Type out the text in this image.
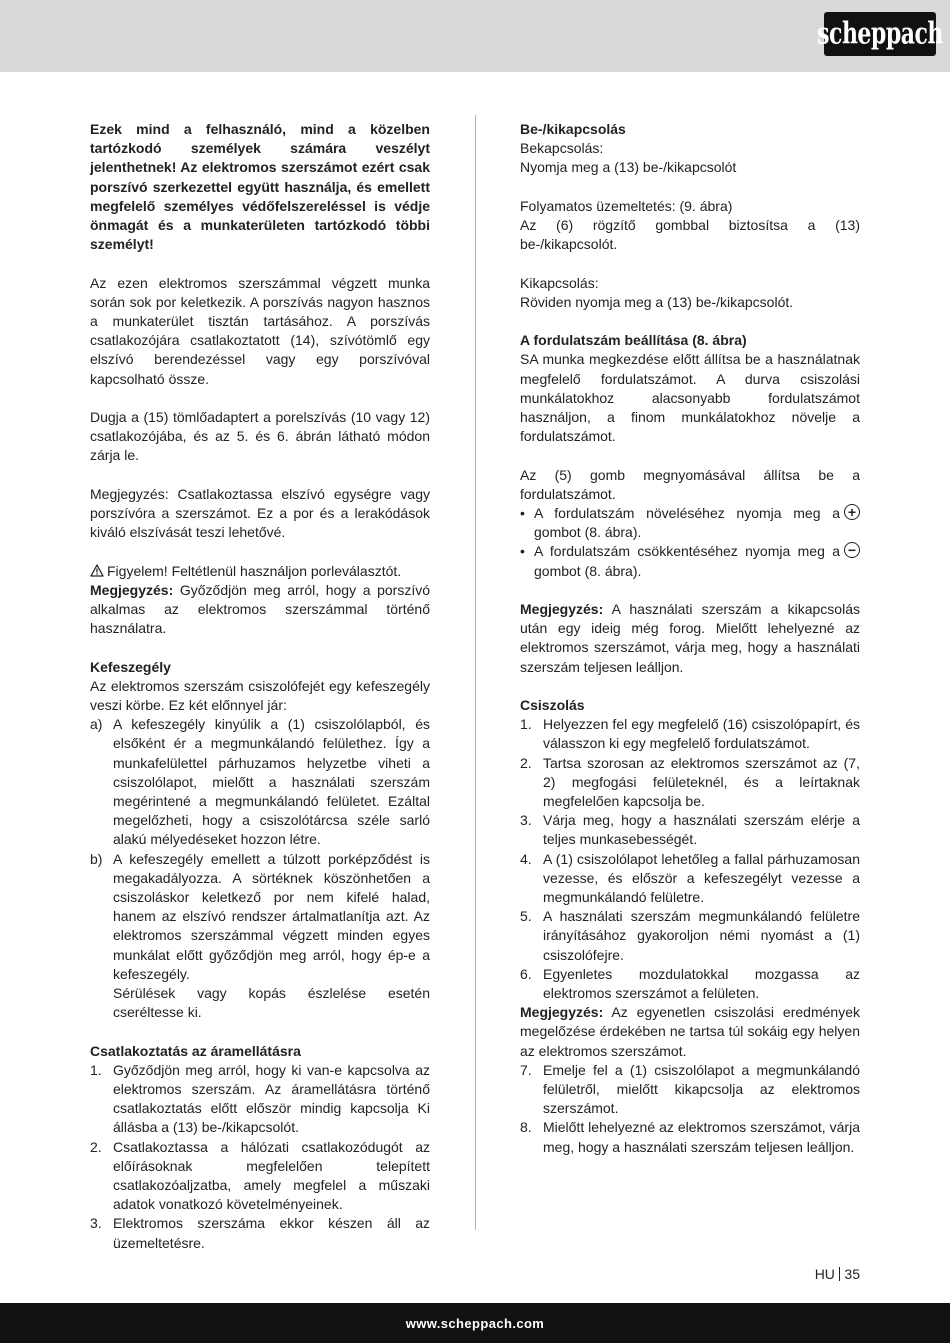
scheppach

Ezek mind a felhasználó, mind a közelben tartózkodó személyek számára veszélyt jelenthetnek! Az elektromos szerszámot ezért csak porszívó szerkezettel együtt használja, és emellett megfelelő személyes védőfelszereléssel is védje önmagát és a munkaterületen tartózkodó többi személyt!

Az ezen elektromos szerszámmal végzett munka során sok por keletkezik. A porszívás nagyon hasznos a munkaterület tisztán tartásához. A porszívás csatlakozójára csatlakoztatott (14), szívótömlő egy elszívó berendezéssel vagy egy porszívóval kapcsolható össze.

Dugja a (15) tömlőadaptert a porelszívás (10 vagy 12) csatlakozójába, és az 5. és 6. ábrán látható módon zárja le.

Megjegyzés: Csatlakoztassa elszívó egységre vagy porszívóra a szerszámot. Ez a por és a lerakódások kiváló elszívását teszi lehetővé.

Figyelem! Feltétlenül használjon porleválasztót.

Megjegyzés: Győződjön meg arról, hogy a porszívó alkalmas az elektromos szerszámmal történő használatra.

Kefeszegély

Az elektromos szerszám csiszolófejét egy kefeszegély veszi körbe. Ez két előnnyel jár:

a) A kefeszegély kinyúlik a (1) csiszolólapból, és elsőként ér a megmunkálandó felülethez. Így a munkafelülettel párhuzamos helyzetbe viheti a csiszolólapot, mielőtt a használati szerszám megérintené a megmunkálandó felületet. Ezáltal megelőzheti, hogy a csiszolótárcsa széle sarló alakú mélyedéseket hozzon létre.
b) A kefeszegély emellett a túlzott porképződést is megakadályozza. A sörtéknek köszönhetően a csiszoláskor keletkező por nem kifelé halad, hanem az elszívó rendszer ártalmatlanítja azt. Az elektromos szerszámmal végzett minden egyes munkálat előtt győződjön meg arról, hogy ép-e a kefeszegély.
Sérülések vagy kopás észlelése esetén cseréltesse ki.

Csatlakoztatás az áramellátásra

1. Győződjön meg arról, hogy ki van-e kapcsolva az elektromos szerszám. Az áramellátásra történő csatlakoztatás előtt először mindig kapcsolja Ki állásba a (13) be-/kikapcsolót.
2. Csatlakoztassa a hálózati csatlakozódugót az előírásoknak megfelelően telepített csatlakozóaljzatba, amely megfelel a műszaki adatok vonatkozó követelményeinek.
3. Elektromos szerszáma ekkor készen áll az üzemeltetésre.

Be-/kikapcsolás

Bekapcsolás:

Nyomja meg a (13) be-/kikapcsolót

Folyamatos üzemeltetés: (9. ábra)

Az (6) rögzítő gombbal biztosítsa a (13) be-/kikapcsolót.

Kikapcsolás:

Röviden nyomja meg a (13) be-/kikapcsolót.

A fordulatszám beállítása (8. ábra)

SA munka megkezdése előtt állítsa be a használatnak megfelelő fordulatszámot. A durva csiszolási munkálatokhoz alacsonyabb fordulatszámot használjon, a finom munkálatokhoz növelje a fordulatszámot.

Az (5) gomb megnyomásával állítsa be a fordulatszámot.

• A fordulatszám növeléséhez nyomja meg a gombot (8. ábra).
+
• A fordulatszám csökkentéséhez nyomja meg a gombot (8. ábra).
−

Megjegyzés: A használati szerszám a kikapcsolás után egy ideig még forog. Mielőtt lehelyezné az elektromos szerszámot, várja meg, hogy a használati szerszám teljesen leálljon.

Csiszolás

1. Helyezzen fel egy megfelelő (16) csiszolópapírt, és válasszon ki egy megfelelő fordulatszámot.
2. Tartsa szorosan az elektromos szerszámot az (7, 2) megfogási felületeknél, és a leírtaknak megfelelően kapcsolja be.
3. Várja meg, hogy a használati szerszám elérje a teljes munkasebességét.
4. A (1) csiszolólapot lehetőleg a fallal párhuzamosan vezesse, és először a kefeszegélyt vezesse a megmunkálandó felületre.
5. A használati szerszám megmunkálandó felületre irányításához gyakoroljon némi nyomást a (1) csiszolófejre.
6. Egyenletes mozdulatokkal mozgassa az elektromos szerszámot a felületen.

Megjegyzés: Az egyenetlen csiszolási eredmények megelőzése érdekében ne tartsa túl sokáig egy helyen az elektromos szerszámot.

7. Emelje fel a (1) csiszolólapot a megmunkálandó felületről, mielőtt kikapcsolja az elektromos szerszámot.
8. Mielőtt lehelyezné az elektromos szerszámot, várja meg, hogy a használati szerszám teljesen leálljon.
HU 35
www.scheppach.com
